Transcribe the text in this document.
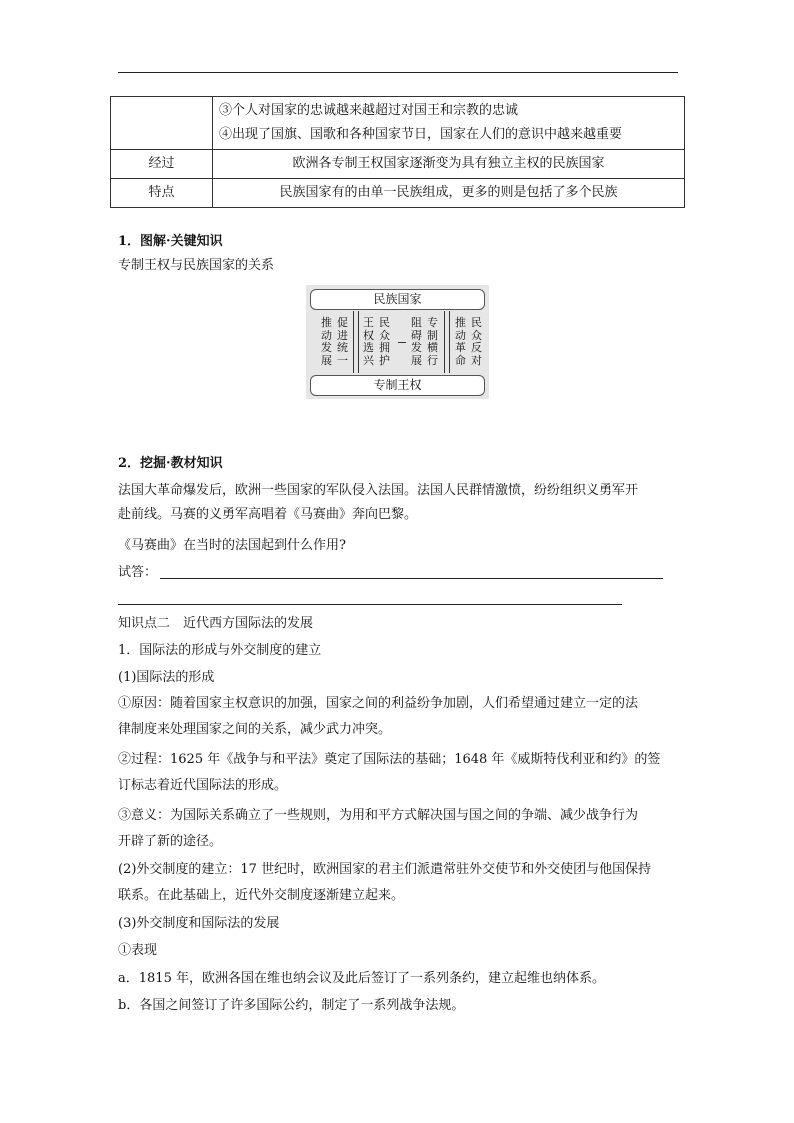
	③个人对国家的忠诚越来越超过对国王和宗教的忠诚
④出现了国旗、国歌和各种国家节日，国家在人们的意识中越来越重要

经过	欧洲各专制王权国家逐渐变为具有独立主权的民族国家
特点	民族国家有的由单一民族组成，更多的则是包括了多个民族
1．图解·关键知识
专制王权与民族国家的关系
民族国家
专制王权
推动发展
促进统一
王权选兴
民众拥护
阻碍发展
专制横行
推动革命
民众反对
2．挖掘·教材知识
法国大革命爆发后，欧洲一些国家的军队侵入法国。法国人民群情激愤，纷纷组织义勇军开
赴前线。马赛的义勇军高唱着《马赛曲》奔向巴黎。
《马赛曲》在当时的法国起到什么作用?
试答：
知识点二　近代西方国际法的发展
1．国际法的形成与外交制度的建立
(1)国际法的形成
①原因：随着国家主权意识的加强，国家之间的利益纷争加剧，人们希望通过建立一定的法
律制度来处理国家之间的关系，减少武力冲突。
②过程：1625 年《战争与和平法》奠定了国际法的基础；1648 年《威斯特伐利亚和约》的签
订标志着近代国际法的形成。
③意义：为国际关系确立了一些规则，为用和平方式解决国与国之间的争端、减少战争行为
开辟了新的途径。
(2)外交制度的建立：17 世纪时，欧洲国家的君主们派遣常驻外交使节和外交使团与他国保持
联系。在此基础上，近代外交制度逐渐建立起来。
(3)外交制度和国际法的发展
①表现
a．1815 年，欧洲各国在维也纳会议及此后签订了一系列条约，建立起维也纳体系。
b．各国之间签订了许多国际公约，制定了一系列战争法规。
